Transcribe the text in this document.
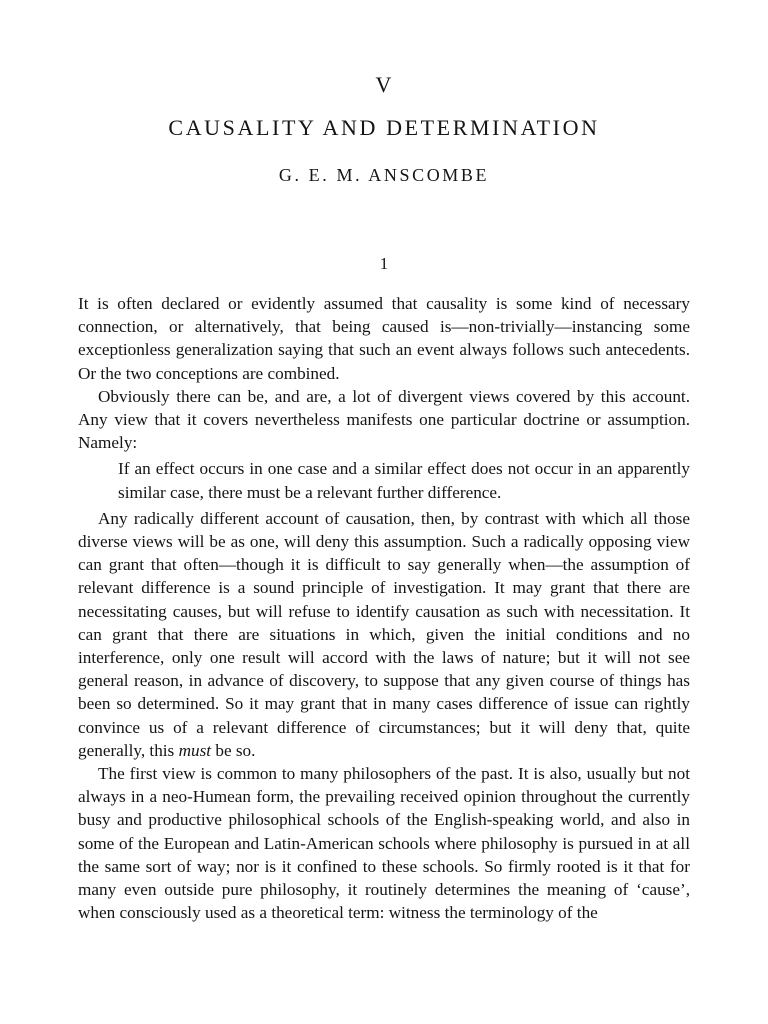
V
CAUSALITY AND DETERMINATION
G. E. M. ANSCOMBE
1

It is often declared or evidently assumed that causality is some kind of necessary connection, or alternatively, that being caused is—non-trivially—instancing some exceptionless generalization saying that such an event always follows such antecedents. Or the two conceptions are combined.

Obviously there can be, and are, a lot of divergent views covered by this account. Any view that it covers nevertheless manifests one particular doctrine or assumption. Namely:

If an effect occurs in one case and a similar effect does not occur in an apparently similar case, there must be a relevant further difference.

Any radically different account of causation, then, by contrast with which all those diverse views will be as one, will deny this assumption. Such a radically opposing view can grant that often—though it is difficult to say generally when—the assumption of relevant difference is a sound principle of investigation. It may grant that there are necessitating causes, but will refuse to identify causation as such with necessitation. It can grant that there are situations in which, given the initial conditions and no interference, only one result will accord with the laws of nature; but it will not see general reason, in advance of discovery, to suppose that any given course of things has been so determined. So it may grant that in many cases difference of issue can rightly convince us of a relevant difference of circumstances; but it will deny that, quite generally, this must be so.

The first view is common to many philosophers of the past. It is also, usually but not always in a neo-Humean form, the prevailing received opinion throughout the currently busy and productive philosophical schools of the English-speaking world, and also in some of the European and Latin-American schools where philosophy is pursued in at all the same sort of way; nor is it confined to these schools. So firmly rooted is it that for many even outside pure philosophy, it routinely determines the meaning of ‘cause’, when consciously used as a theoretical term: witness the terminology of the
